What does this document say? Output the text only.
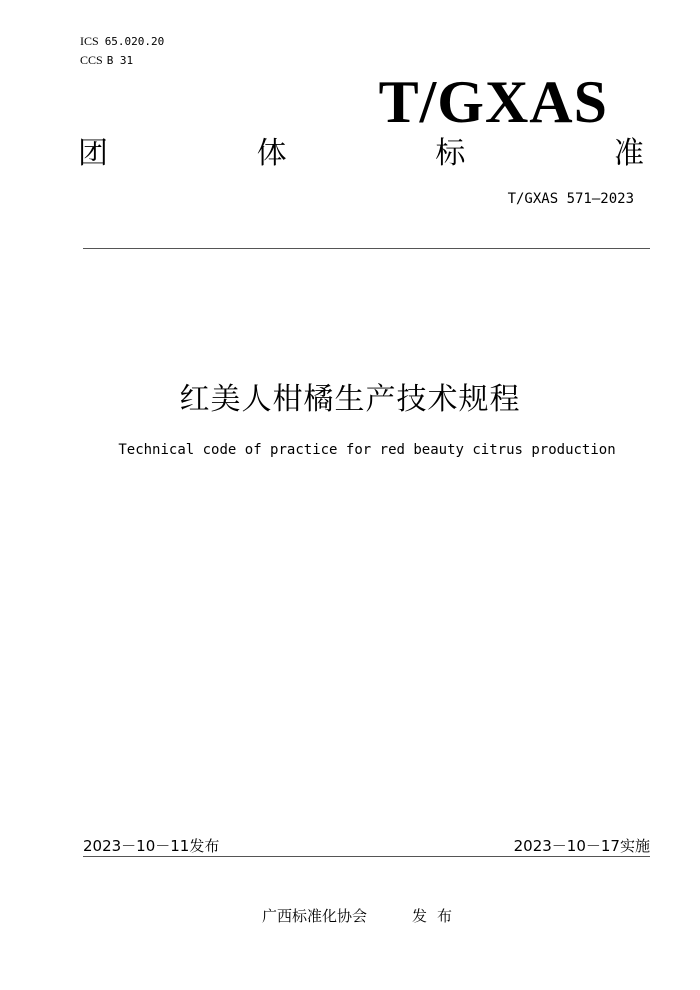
ICS 65.020.20
CCS B 31
T/GXAS
团	体	标	准
T/GXAS 571—2023
红美人柑橘生产技术规程
Technical code of practice for red beauty citrus production
2023－10－11发布	2023－10－17实施
广西标准化协会	发布
